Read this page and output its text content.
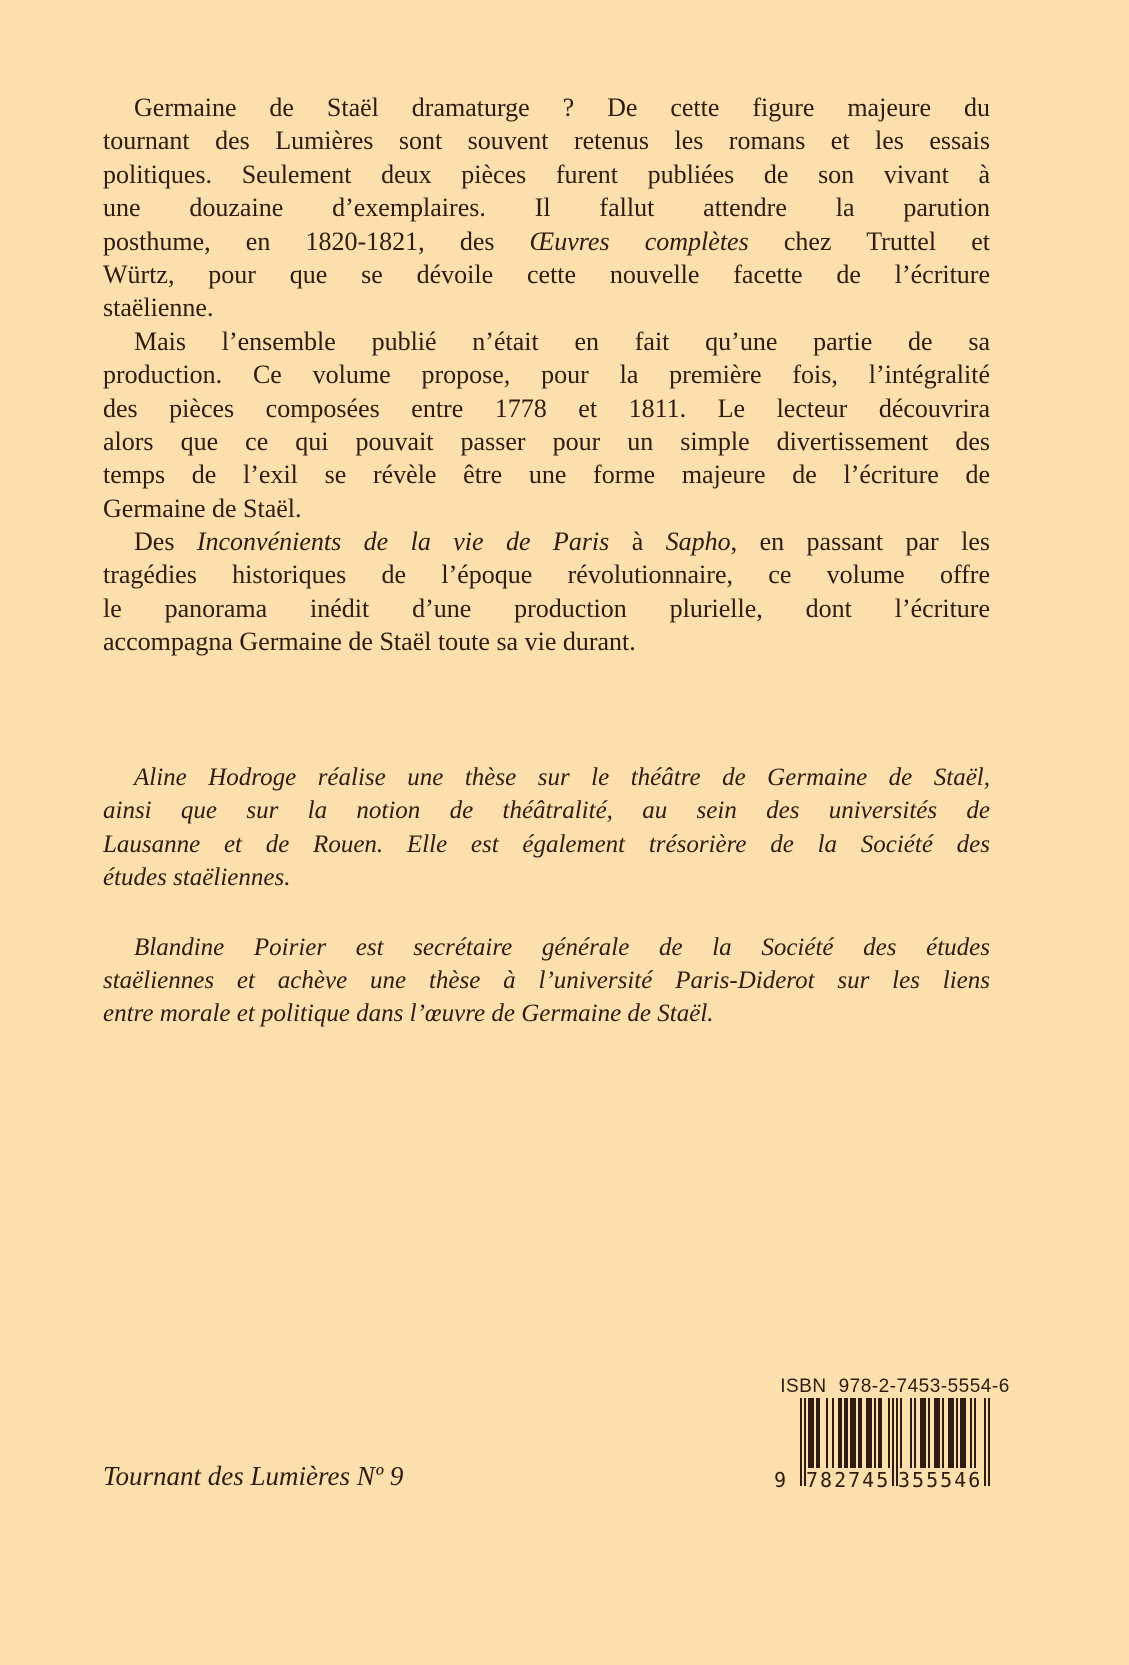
Germaine de Staël dramaturge ? De cette figure majeure du
tournant des Lumières sont souvent retenus les romans et les essais
politiques. Seulement deux pièces furent publiées de son vivant à
une douzaine d’exemplaires. Il fallut attendre la parution
posthume, en 1820-1821, des Œuvres complètes chez Truttel et
Würtz, pour que se dévoile cette nouvelle facette de l’écriture
staëlienne.
Mais l’ensemble publié n’était en fait qu’une partie de sa
production. Ce volume propose, pour la première fois, l’intégralité
des pièces composées entre 1778 et 1811. Le lecteur découvrira
alors que ce qui pouvait passer pour un simple divertissement des
temps de l’exil se révèle être une forme majeure de l’écriture de
Germaine de Staël.
Des Inconvénients de la vie de Paris à Sapho, en passant par les
tragédies historiques de l’époque révolutionnaire, ce volume offre
le panorama inédit d’une production plurielle, dont l’écriture
accompagna Germaine de Staël toute sa vie durant.
Aline Hodroge réalise une thèse sur le théâtre de Germaine de Staël,
ainsi que sur la notion de théâtralité, au sein des universités de
Lausanne et de Rouen. Elle est également trésorière de la Société des
études staëliennes.
Blandine Poirier est secrétaire générale de la Société des études
staëliennes et achève une thèse à l’université Paris-Diderot sur les liens
entre morale et politique dans l’œuvre de Germaine de Staël.
Tournant des Lumières Nº 9
ISBN 978-2-7453-5554-6
9 782745 355546
